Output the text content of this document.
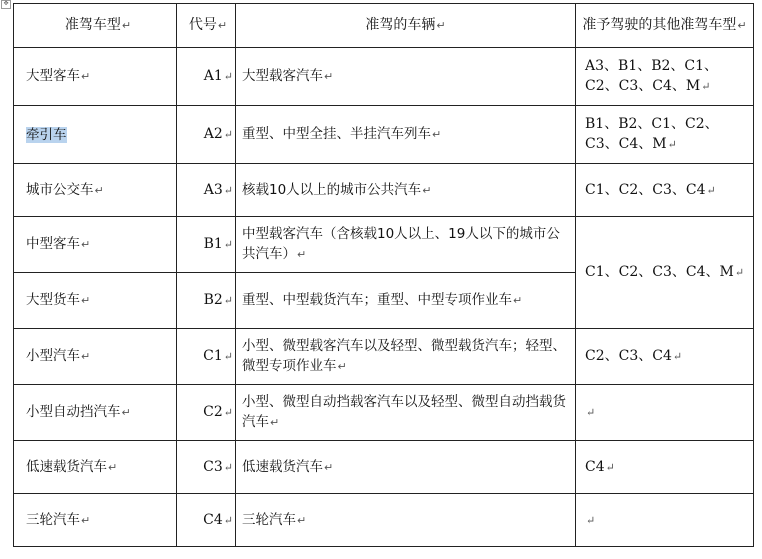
✥
准驾车型↵	代号↵	准驾的车辆↵	准予驾驶的其他准驾车型↵
大型客车↵	A1↵	大型载客汽车↵	A3、B1、B2、C1、C2、C3、C4、M↵
牵引车	A2↵	重型、中型全挂、半挂汽车列车↵	B1、B2、C1、C2、C3、C4、M↵
城市公交车↵	A3↵	核载10人以上的城市公共汽车↵	C1、C2、C3、C4↵
中型客车↵	B1↵	中型载客汽车（含核载10人以上、19人以下的城市公共汽车）↵	C1、C2、C3、C4、M↵
大型货车↵	B2↵	重型、中型载货汽车；重型、中型专项作业车↵	
小型汽车↵	C1↵	小型、微型载客汽车以及轻型、微型载货汽车；轻型、微型专项作业车↵	C2、C3、C4↵
小型自动挡汽车↵	C2↵	小型、微型自动挡载客汽车以及轻型、微型自动挡载货汽车↵	↵
低速载货汽车↵	C3↵	低速载货汽车↵	C4↵
三轮汽车↵	C4↵	三轮汽车↵	↵
